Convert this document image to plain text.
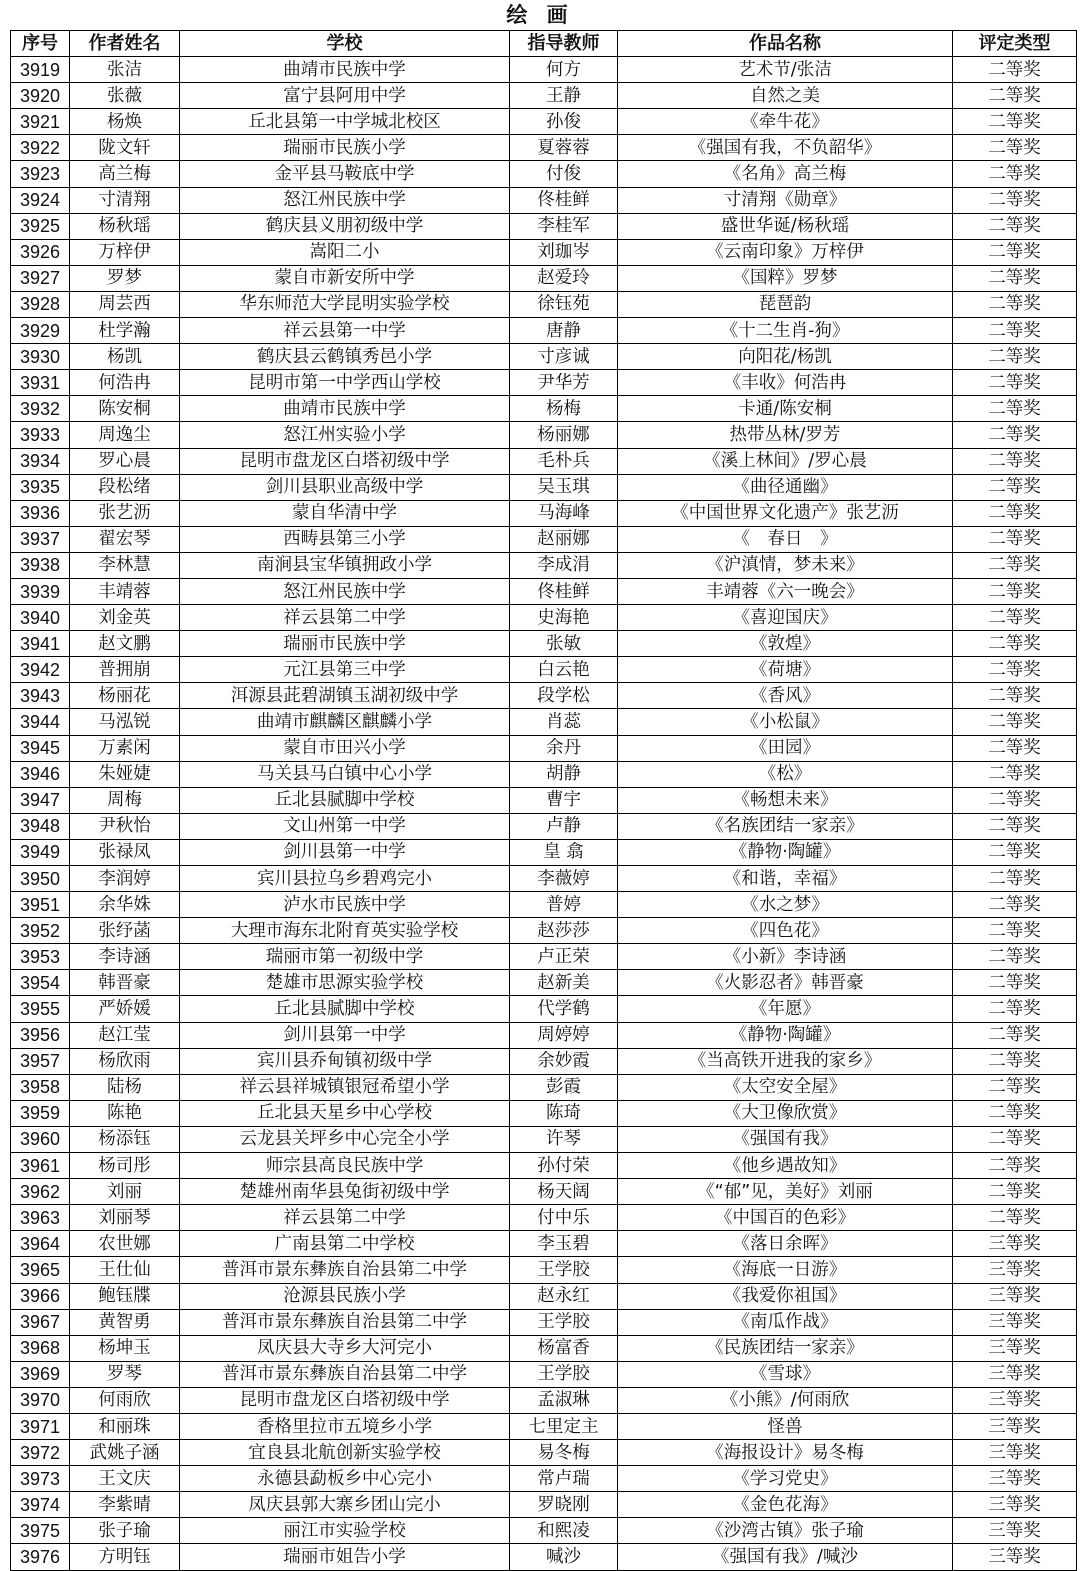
绘 画
序号	作者姓名	学校	指导教师	作品名称	评定类型
3919	张洁	曲靖市民族中学	何方	艺术节/张洁	二等奖
3920	张薇	富宁县阿用中学	王静	自然之美	二等奖
3921	杨焕	丘北县第一中学城北校区	孙俊	《牵牛花》	二等奖
3922	陇文轩	瑞丽市民族小学	夏蓉蓉	《强国有我，不负韶华》	二等奖
3923	高兰梅	金平县马鞍底中学	付俊	《名角》高兰梅	二等奖
3924	寸清翔	怒江州民族中学	佟桂鲜	寸清翔《勋章》	二等奖
3925	杨秋瑶	鹤庆县义朋初级中学	李桂军	盛世华诞/杨秋瑶	二等奖
3926	万梓伊	嵩阳二小	刘珈岑	《云南印象》万梓伊	二等奖
3927	罗梦	蒙自市新安所中学	赵爱玲	《国粹》罗梦	二等奖
3928	周芸西	华东师范大学昆明实验学校	徐钰苑	琵琶韵	二等奖
3929	杜学瀚	祥云县第一中学	唐静	《十二生肖-狗》	二等奖
3930	杨凯	鹤庆县云鹤镇秀邑小学	寸彦诚	向阳花/杨凯	二等奖
3931	何浩冉	昆明市第一中学西山学校	尹华芳	《丰收》何浩冉	二等奖
3932	陈安桐	曲靖市民族中学	杨梅	卡通/陈安桐	二等奖
3933	周逸尘	怒江州实验小学	杨丽娜	热带丛林/罗芳	二等奖
3934	罗心晨	昆明市盘龙区白塔初级中学	毛朴兵	《溪上林间》/罗心晨	二等奖
3935	段松绪	剑川县职业高级中学	吴玉琪	《曲径通幽》	二等奖
3936	张艺沥	蒙自华清中学	马海峰	《中国世界文化遗产》张艺沥	二等奖
3937	翟宏琴	西畴县第三小学	赵丽娜	《　春日　》	二等奖
3938	李林慧	南涧县宝华镇拥政小学	李成涓	《沪滇情，梦未来》	二等奖
3939	丰靖蓉	怒江州民族中学	佟桂鲜	丰靖蓉《六一晚会》	二等奖
3940	刘金英	祥云县第二中学	史海艳	《喜迎国庆》	二等奖
3941	赵文鹏	瑞丽市民族中学	张敏	《敦煌》	二等奖
3942	普拥崩	元江县第三中学	白云艳	《荷塘》	二等奖
3943	杨丽花	洱源县茈碧湖镇玉湖初级中学	段学松	《香风》	二等奖
3944	马泓锐	曲靖市麒麟区麒麟小学	肖蕊	《小松鼠》	二等奖
3945	万素闲	蒙自市田兴小学	余丹	《田园》	二等奖
3946	朱娅婕	马关县马白镇中心小学	胡静	《松》	二等奖
3947	周梅	丘北县腻脚中学校	曹宇	《畅想未来》	二等奖
3948	尹秋怡	文山州第一中学	卢静	《名族团结一家亲》	二等奖
3949	张禄凤	剑川县第一中学	皇 翕	《静物·陶罐》	二等奖
3950	李润婷	宾川县拉乌乡碧鸡完小	李薇婷	《和谐，幸福》	二等奖
3951	余华姝	泸水市民族中学	普婷	《水之梦》	二等奖
3952	张纾菡	大理市海东北附育英实验学校	赵莎莎	《四色花》	二等奖
3953	李诗涵	瑞丽市第一初级中学	卢正荣	《小新》李诗涵	二等奖
3954	韩晋豪	楚雄市思源实验学校	赵新美	《火影忍者》韩晋豪	二等奖
3955	严娇媛	丘北县腻脚中学校	代学鹤	《年愿》	二等奖
3956	赵江莹	剑川县第一中学	周婷婷	《静物·陶罐》	二等奖
3957	杨欣雨	宾川县乔甸镇初级中学	余妙霞	《当高铁开进我的家乡》	二等奖
3958	陆杨	祥云县祥城镇银冠希望小学	彭霞	《太空安全屋》	二等奖
3959	陈艳	丘北县天星乡中心学校	陈琦	《大卫像欣赏》	二等奖
3960	杨添钰	云龙县关坪乡中心完全小学	许琴	《强国有我》	二等奖
3961	杨司彤	师宗县高良民族中学	孙付荣	《他乡遇故知》	二等奖
3962	刘丽	楚雄州南华县兔街初级中学	杨天阔	《“郁”见，美好》刘丽	二等奖
3963	刘丽琴	祥云县第二中学	付中乐	《中国百的色彩》	二等奖
3964	农世娜	广南县第二中学校	李玉碧	《落日余晖》	三等奖
3965	王仕仙	普洱市景东彝族自治县第二中学	王学胶	《海底一日游》	三等奖
3966	鲍钰牒	沧源县民族小学	赵永红	《我爱你祖国》	三等奖
3967	黄智勇	普洱市景东彝族自治县第二中学	王学胶	《南瓜作战》	三等奖
3968	杨坤玉	凤庆县大寺乡大河完小	杨富香	《民族团结一家亲》	三等奖
3969	罗琴	普洱市景东彝族自治县第二中学	王学胶	《雪球》	三等奖
3970	何雨欣	昆明市盘龙区白塔初级中学	孟淑琳	《小熊》/何雨欣	三等奖
3971	和丽珠	香格里拉市五境乡小学	七里定主	怪兽	三等奖
3972	武姚子涵	宜良县北航创新实验学校	易冬梅	《海报设计》易冬梅	三等奖
3973	王文庆	永德县勐板乡中心完小	常卢瑞	《学习党史》	三等奖
3974	李紫晴	凤庆县郭大寨乡团山完小	罗晓刚	《金色花海》	三等奖
3975	张子瑜	丽江市实验学校	和熙凌	《沙湾古镇》张子瑜	三等奖
3976	方明钰	瑞丽市姐告小学	喊沙	《强国有我》/喊沙	三等奖
